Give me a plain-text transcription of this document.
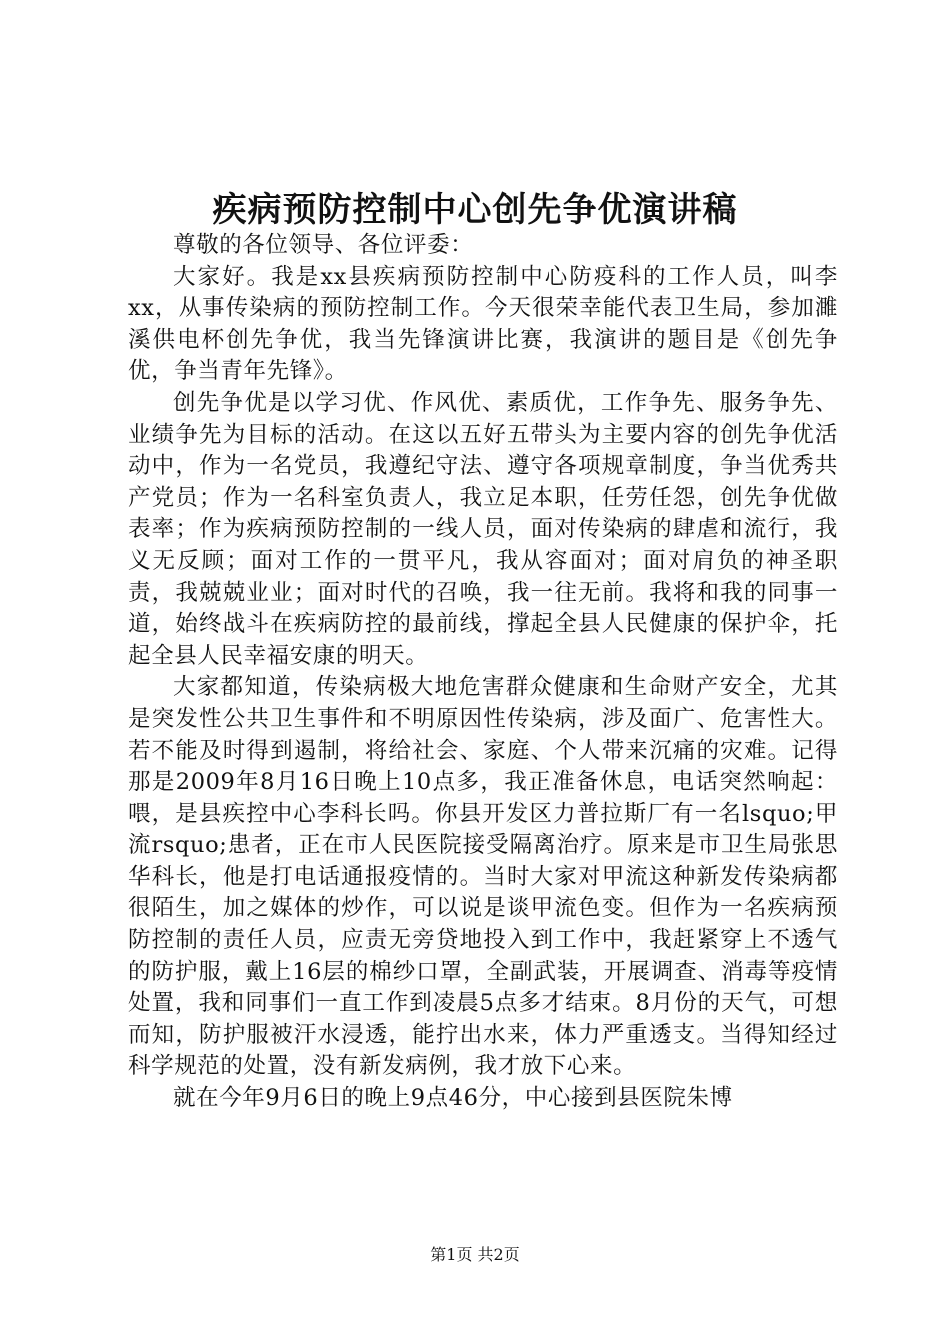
疾病预防控制中心创先争优演讲稿

尊敬的各位领导、各位评委：

大家好。我是xx县疾病预防控制中心防疫科的工作人员，叫李xx，从事传染病的预防控制工作。今天很荣幸能代表卫生局，参加濉溪供电杯创先争优，我当先锋演讲比赛，我演讲的题目是《创先争优，争当青年先锋》。

创先争优是以学习优、作风优、素质优，工作争先、服务争先、业绩争先为目标的活动。在这以五好五带头为主要内容的创先争优活动中，作为一名党员，我遵纪守法、遵守各项规章制度，争当优秀共产党员；作为一名科室负责人，我立足本职，任劳任怨，创先争优做表率；作为疾病预防控制的一线人员，面对传染病的肆虐和流行，我义无反顾；面对工作的一贯平凡，我从容面对；面对肩负的神圣职责，我兢兢业业；面对时代的召唤，我一往无前。我将和我的同事一道，始终战斗在疾病防控的最前线，撑起全县人民健康的保护伞，托起全县人民幸福安康的明天。

大家都知道，传染病极大地危害群众健康和生命财产安全，尤其是突发性公共卫生事件和不明原因性传染病，涉及面广、危害性大。若不能及时得到遏制，将给社会、家庭、个人带来沉痛的灾难。记得那是2009年8月16日晚上10点多，我正准备休息，电话突然响起：喂，是县疾控中心李科长吗。你县开发区力普拉斯厂有一名lsquo;甲流rsquo;患者，正在市人民医院接受隔离治疗。原来是市卫生局张思华科长，他是打电话通报疫情的。当时大家对甲流这种新发传染病都很陌生，加之媒体的炒作，可以说是谈甲流色变。但作为一名疾病预防控制的责任人员，应责无旁贷地投入到工作中，我赶紧穿上不透气的防护服，戴上16层的棉纱口罩，全副武装，开展调查、消毒等疫情处置，我和同事们一直工作到凌晨5点多才结束。8月份的天气，可想而知，防护服被汗水浸透，能拧出水来，体力严重透支。当得知经过科学规范的处置，没有新发病例，我才放下心来。

就在今年9月6日的晚上9点46分，中心接到县医院朱博

第1页 共2页
